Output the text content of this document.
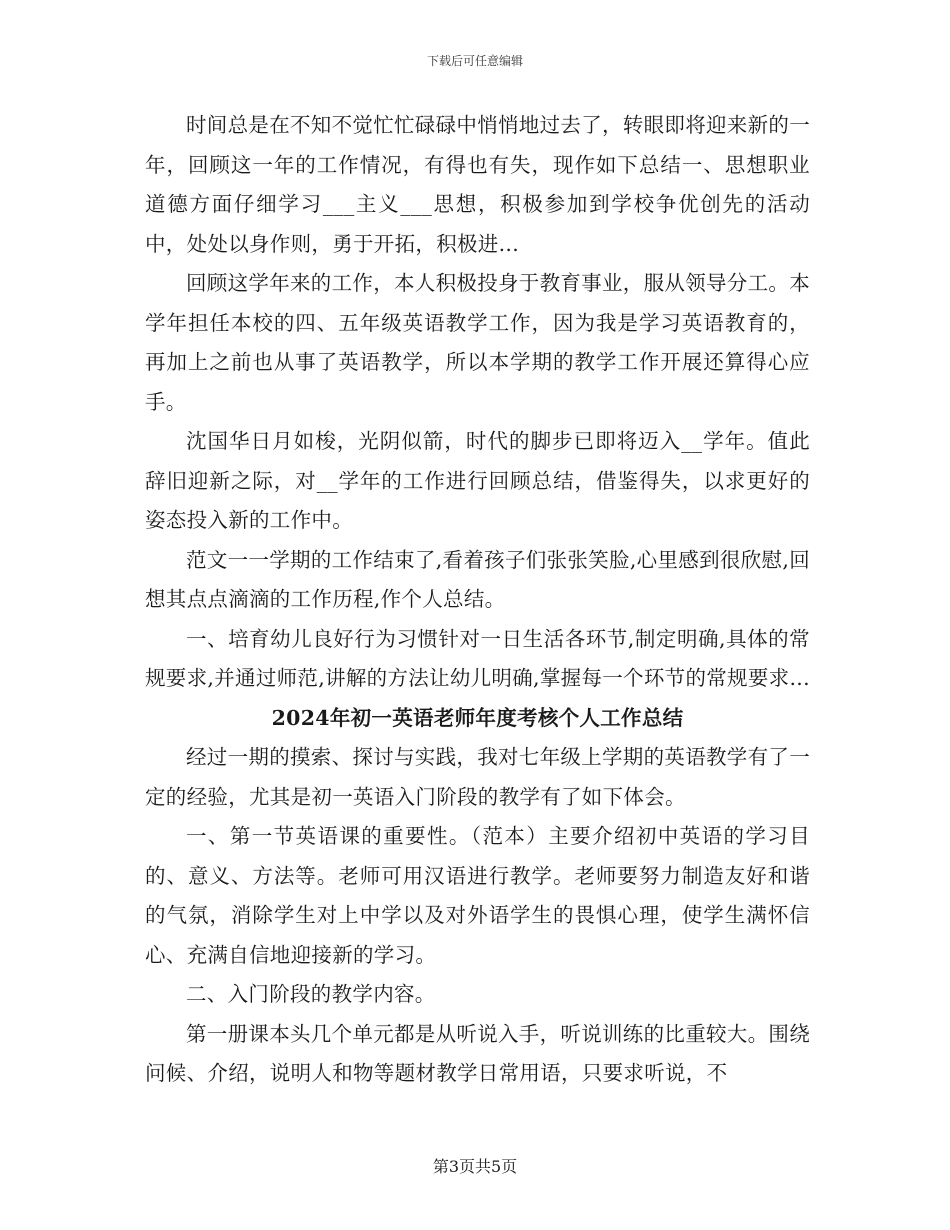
下载后可任意编辑

时间总是在不知不觉忙忙碌碌中悄悄地过去了，转眼即将迎来新的一年，回顾这一年的工作情况，有得也有失，现作如下总结一、思想职业道德方面仔细学习___主义___思想，积极参加到学校争优创先的活动中，处处以身作则，勇于开拓，积极进...

回顾这学年来的工作，本人积极投身于教育事业，服从领导分工。本学年担任本校的四、五年级英语教学工作，因为我是学习英语教育的，再加上之前也从事了英语教学，所以本学期的教学工作开展还算得心应手。

沈国华日月如梭，光阴似箭，时代的脚步已即将迈入__学年。值此辞旧迎新之际，对__学年的工作进行回顾总结，借鉴得失，以求更好的姿态投入新的工作中。

范文一一学期的工作结束了,看着孩子们张张笑脸,心里感到很欣慰,回想其点点滴滴的工作历程,作个人总结。

一、培育幼儿良好行为习惯针对一日生活各环节,制定明确,具体的常规要求,并通过师范,讲解的方法让幼儿明确,掌握每一个环节的常规要求...

2024年初一英语老师年度考核个人工作总结

经过一期的摸索、探讨与实践，我对七年级上学期的英语教学有了一定的经验，尤其是初一英语入门阶段的教学有了如下体会。

一、第一节英语课的重要性。（范本）主要介绍初中英语的学习目的、意义、方法等。老师可用汉语进行教学。老师要努力制造友好和谐的气氛，消除学生对上中学以及对外语学生的畏惧心理，使学生满怀信心、充满自信地迎接新的学习。

二、入门阶段的教学内容。

第一册课本头几个单元都是从听说入手，听说训练的比重较大。围绕问候、介绍，说明人和物等题材教学日常用语，只要求听说，不

第3页共5页
